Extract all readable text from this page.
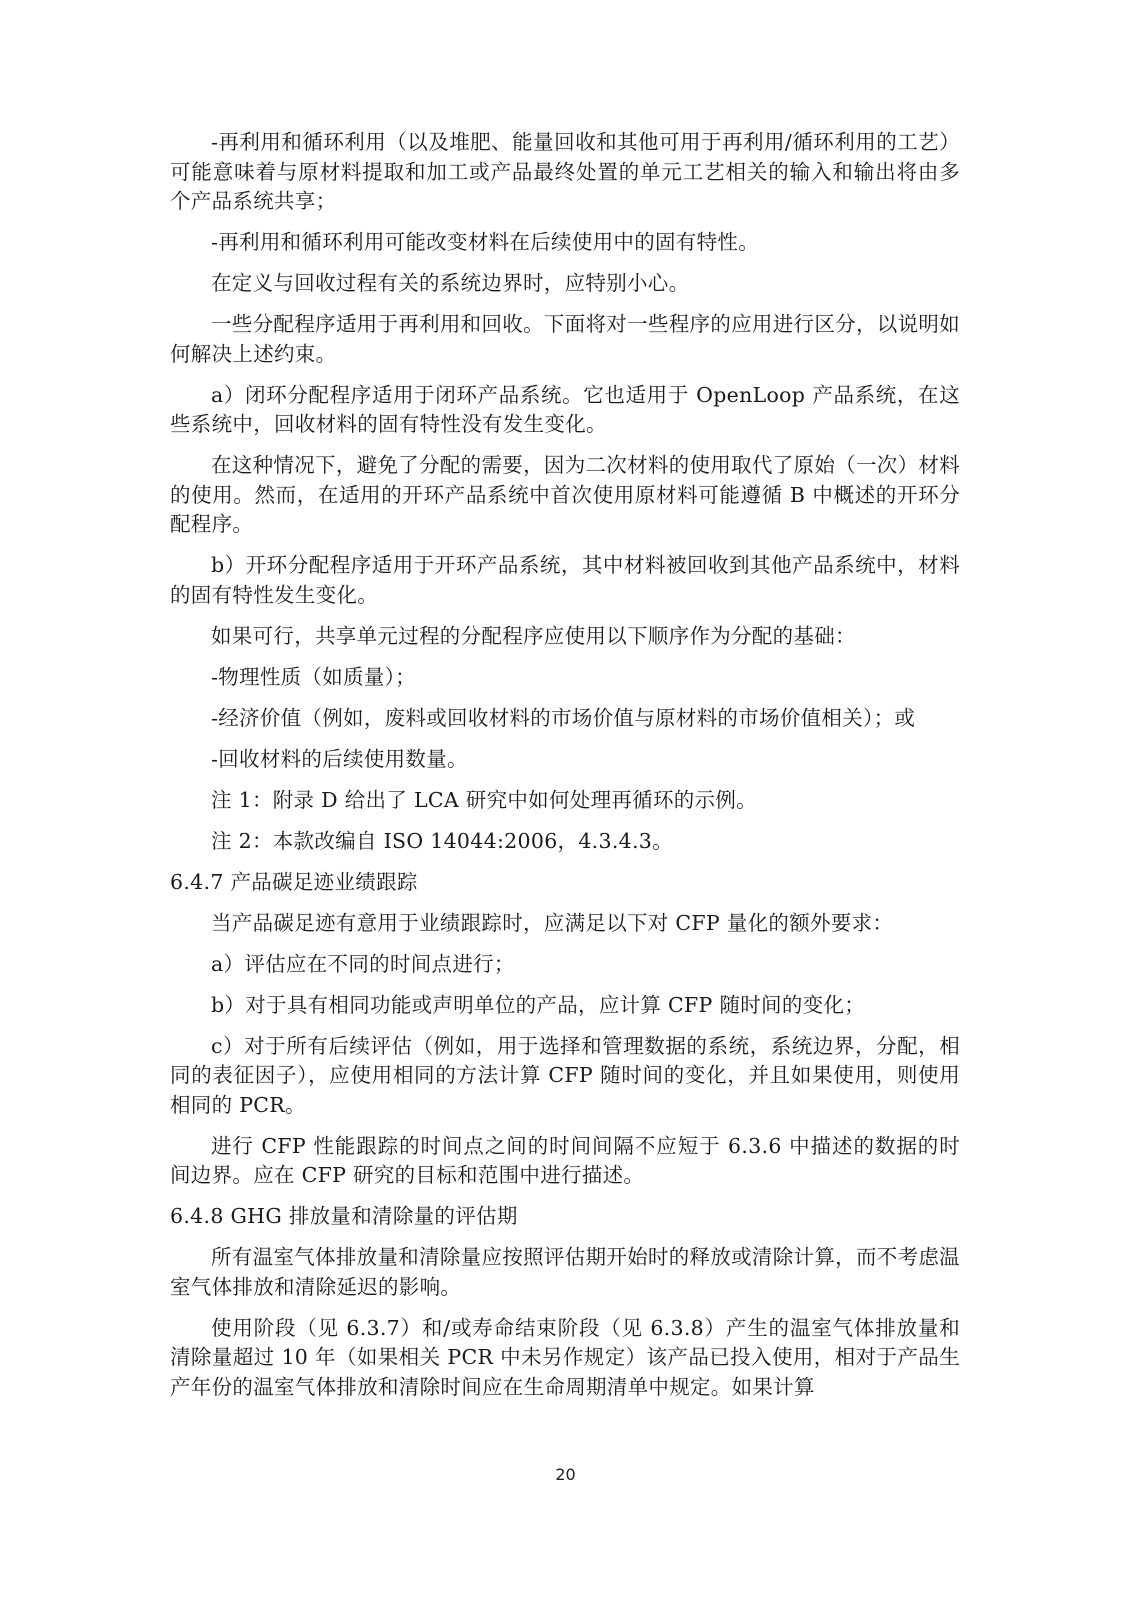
-再利用和循环利用（以及堆肥、能量回收和其他可用于再利用/循环利用的工艺）可能意味着与原材料提取和加工或产品最终处置的单元工艺相关的输入和输出将由多个产品系统共享；

-再利用和循环利用可能改变材料在后续使用中的固有特性。

在定义与回收过程有关的系统边界时，应特别小心。

一些分配程序适用于再利用和回收。下面将对一些程序的应用进行区分，以说明如何解决上述约束。

a）闭环分配程序适用于闭环产品系统。它也适用于 OpenLoop 产品系统，在这些系统中，回收材料的固有特性没有发生变化。

在这种情况下，避免了分配的需要，因为二次材料的使用取代了原始（一次）材料的使用。然而，在适用的开环产品系统中首次使用原材料可能遵循 B 中概述的开环分配程序。

b）开环分配程序适用于开环产品系统，其中材料被回收到其他产品系统中，材料的固有特性发生变化。

如果可行，共享单元过程的分配程序应使用以下顺序作为分配的基础：

-物理性质（如质量）；

-经济价值（例如，废料或回收材料的市场价值与原材料的市场价值相关）；或

-回收材料的后续使用数量。

注 1：附录 D 给出了 LCA 研究中如何处理再循环的示例。

注 2：本款改编自 ISO 14044:2006，4.3.4.3。

6.4.7 产品碳足迹业绩跟踪

当产品碳足迹有意用于业绩跟踪时，应满足以下对 CFP 量化的额外要求：

a）评估应在不同的时间点进行；

b）对于具有相同功能或声明单位的产品，应计算 CFP 随时间的变化；

c）对于所有后续评估（例如，用于选择和管理数据的系统，系统边界，分配，相同的表征因子），应使用相同的方法计算 CFP 随时间的变化，并且如果使用，则使用相同的 PCR。

进行 CFP 性能跟踪的时间点之间的时间间隔不应短于 6.3.6 中描述的数据的时间边界。应在 CFP 研究的目标和范围中进行描述。

6.4.8 GHG 排放量和清除量的评估期

所有温室气体排放量和清除量应按照评估期开始时的释放或清除计算，而不考虑温室气体排放和清除延迟的影响。

使用阶段（见 6.3.7）和/或寿命结束阶段（见 6.3.8）产生的温室气体排放量和清除量超过 10 年（如果相关 PCR 中未另作规定）该产品已投入使用，相对于产品生产年份的温室气体排放和清除时间应在生命周期清单中规定。如果计算

20
